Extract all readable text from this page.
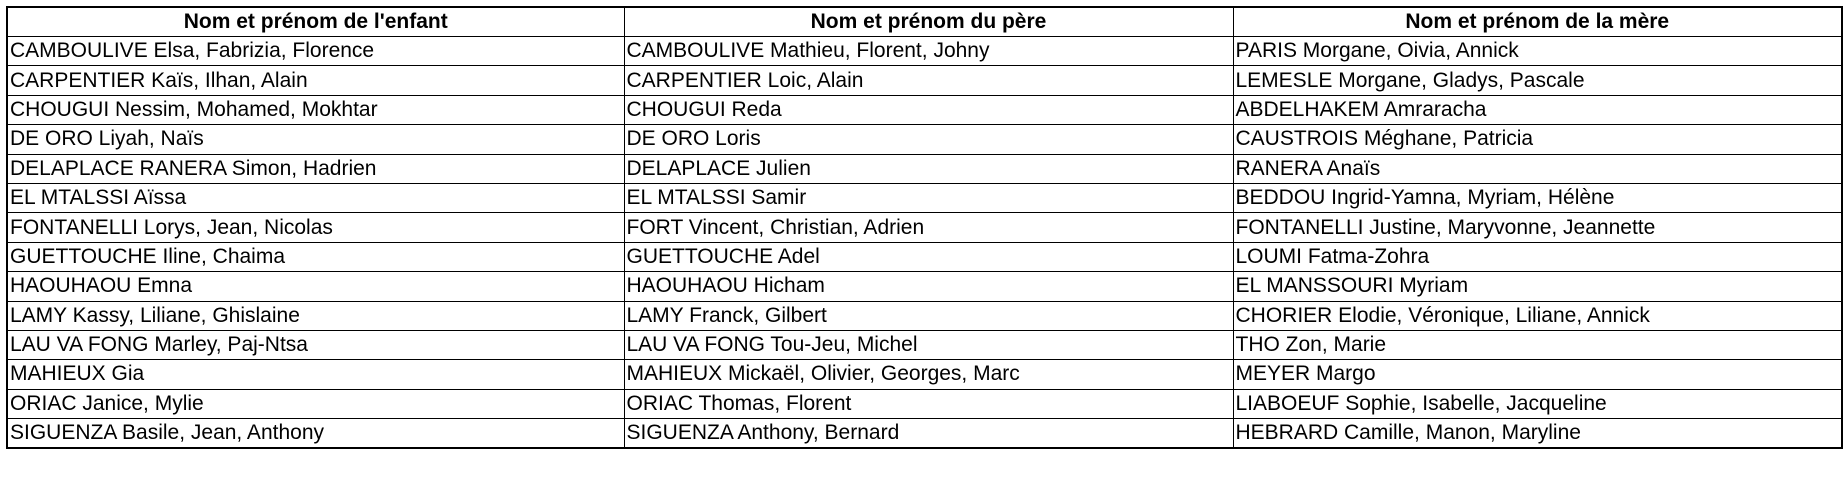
Nom et prénom de l'enfant	Nom et prénom du père	Nom et prénom de la mère
CAMBOULIVE Elsa, Fabrizia, Florence	CAMBOULIVE Mathieu, Florent, Johny	PARIS Morgane, Oivia, Annick
CARPENTIER Kaïs, Ilhan, Alain	CARPENTIER Loic, Alain	LEMESLE Morgane, Gladys, Pascale
CHOUGUI Nessim, Mohamed, Mokhtar	CHOUGUI Reda	ABDELHAKEM Amraracha
DE ORO Liyah, Naïs	DE ORO Loris	CAUSTROIS Méghane, Patricia
DELAPLACE RANERA Simon, Hadrien	DELAPLACE Julien	RANERA Anaïs
EL MTALSSI Aïssa	EL MTALSSI Samir	BEDDOU Ingrid-Yamna, Myriam, Hélène
FONTANELLI Lorys, Jean, Nicolas	FORT Vincent, Christian, Adrien	FONTANELLI Justine, Maryvonne, Jeannette
GUETTOUCHE Iline, Chaima	GUETTOUCHE Adel	LOUMI Fatma-Zohra
HAOUHAOU Emna	HAOUHAOU Hicham	EL MANSSOURI Myriam
LAMY Kassy, Liliane, Ghislaine	LAMY Franck, Gilbert	CHORIER Elodie, Véronique, Liliane, Annick
LAU VA FONG Marley, Paj-Ntsa	LAU VA FONG Tou-Jeu, Michel	THO Zon, Marie
MAHIEUX Gia	MAHIEUX Mickaël, Olivier, Georges, Marc	MEYER Margo
ORIAC Janice, Mylie	ORIAC Thomas, Florent	LIABOEUF Sophie, Isabelle, Jacqueline
SIGUENZA Basile, Jean, Anthony	SIGUENZA Anthony, Bernard	HEBRARD Camille, Manon, Maryline
